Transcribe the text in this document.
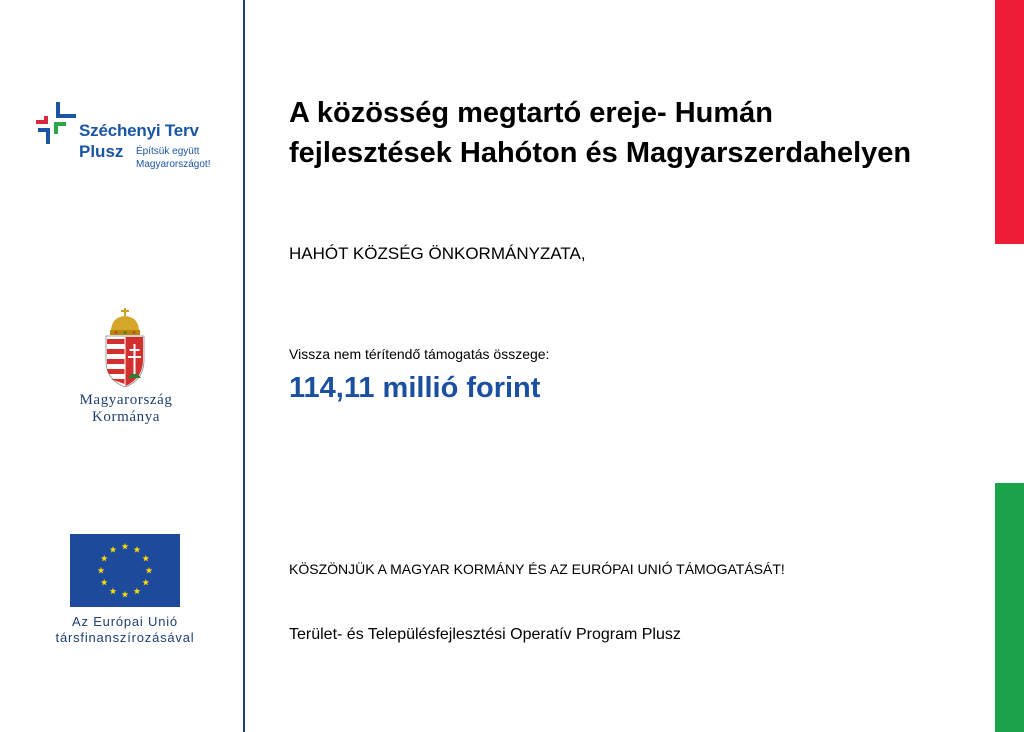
Széchenyi Terv
Plusz Építsük együtt
Magyarországot!
Magyarország
Kormánya
Az Európai Unió
társfinanszírozásával
A közösség megtartó ereje- Humán fejlesztések Hahóton és Magyarszerdahelyen
HAHÓT KÖZSÉG ÖNKORMÁNYZATA,
Vissza nem térítendő támogatás összege:
114,11 millió forint
KÖSZÖNJÜK A MAGYAR KORMÁNY ÉS AZ EURÓPAI UNIÓ TÁMOGATÁSÁT!
Terület- és Településfejlesztési Operatív Program Plusz
